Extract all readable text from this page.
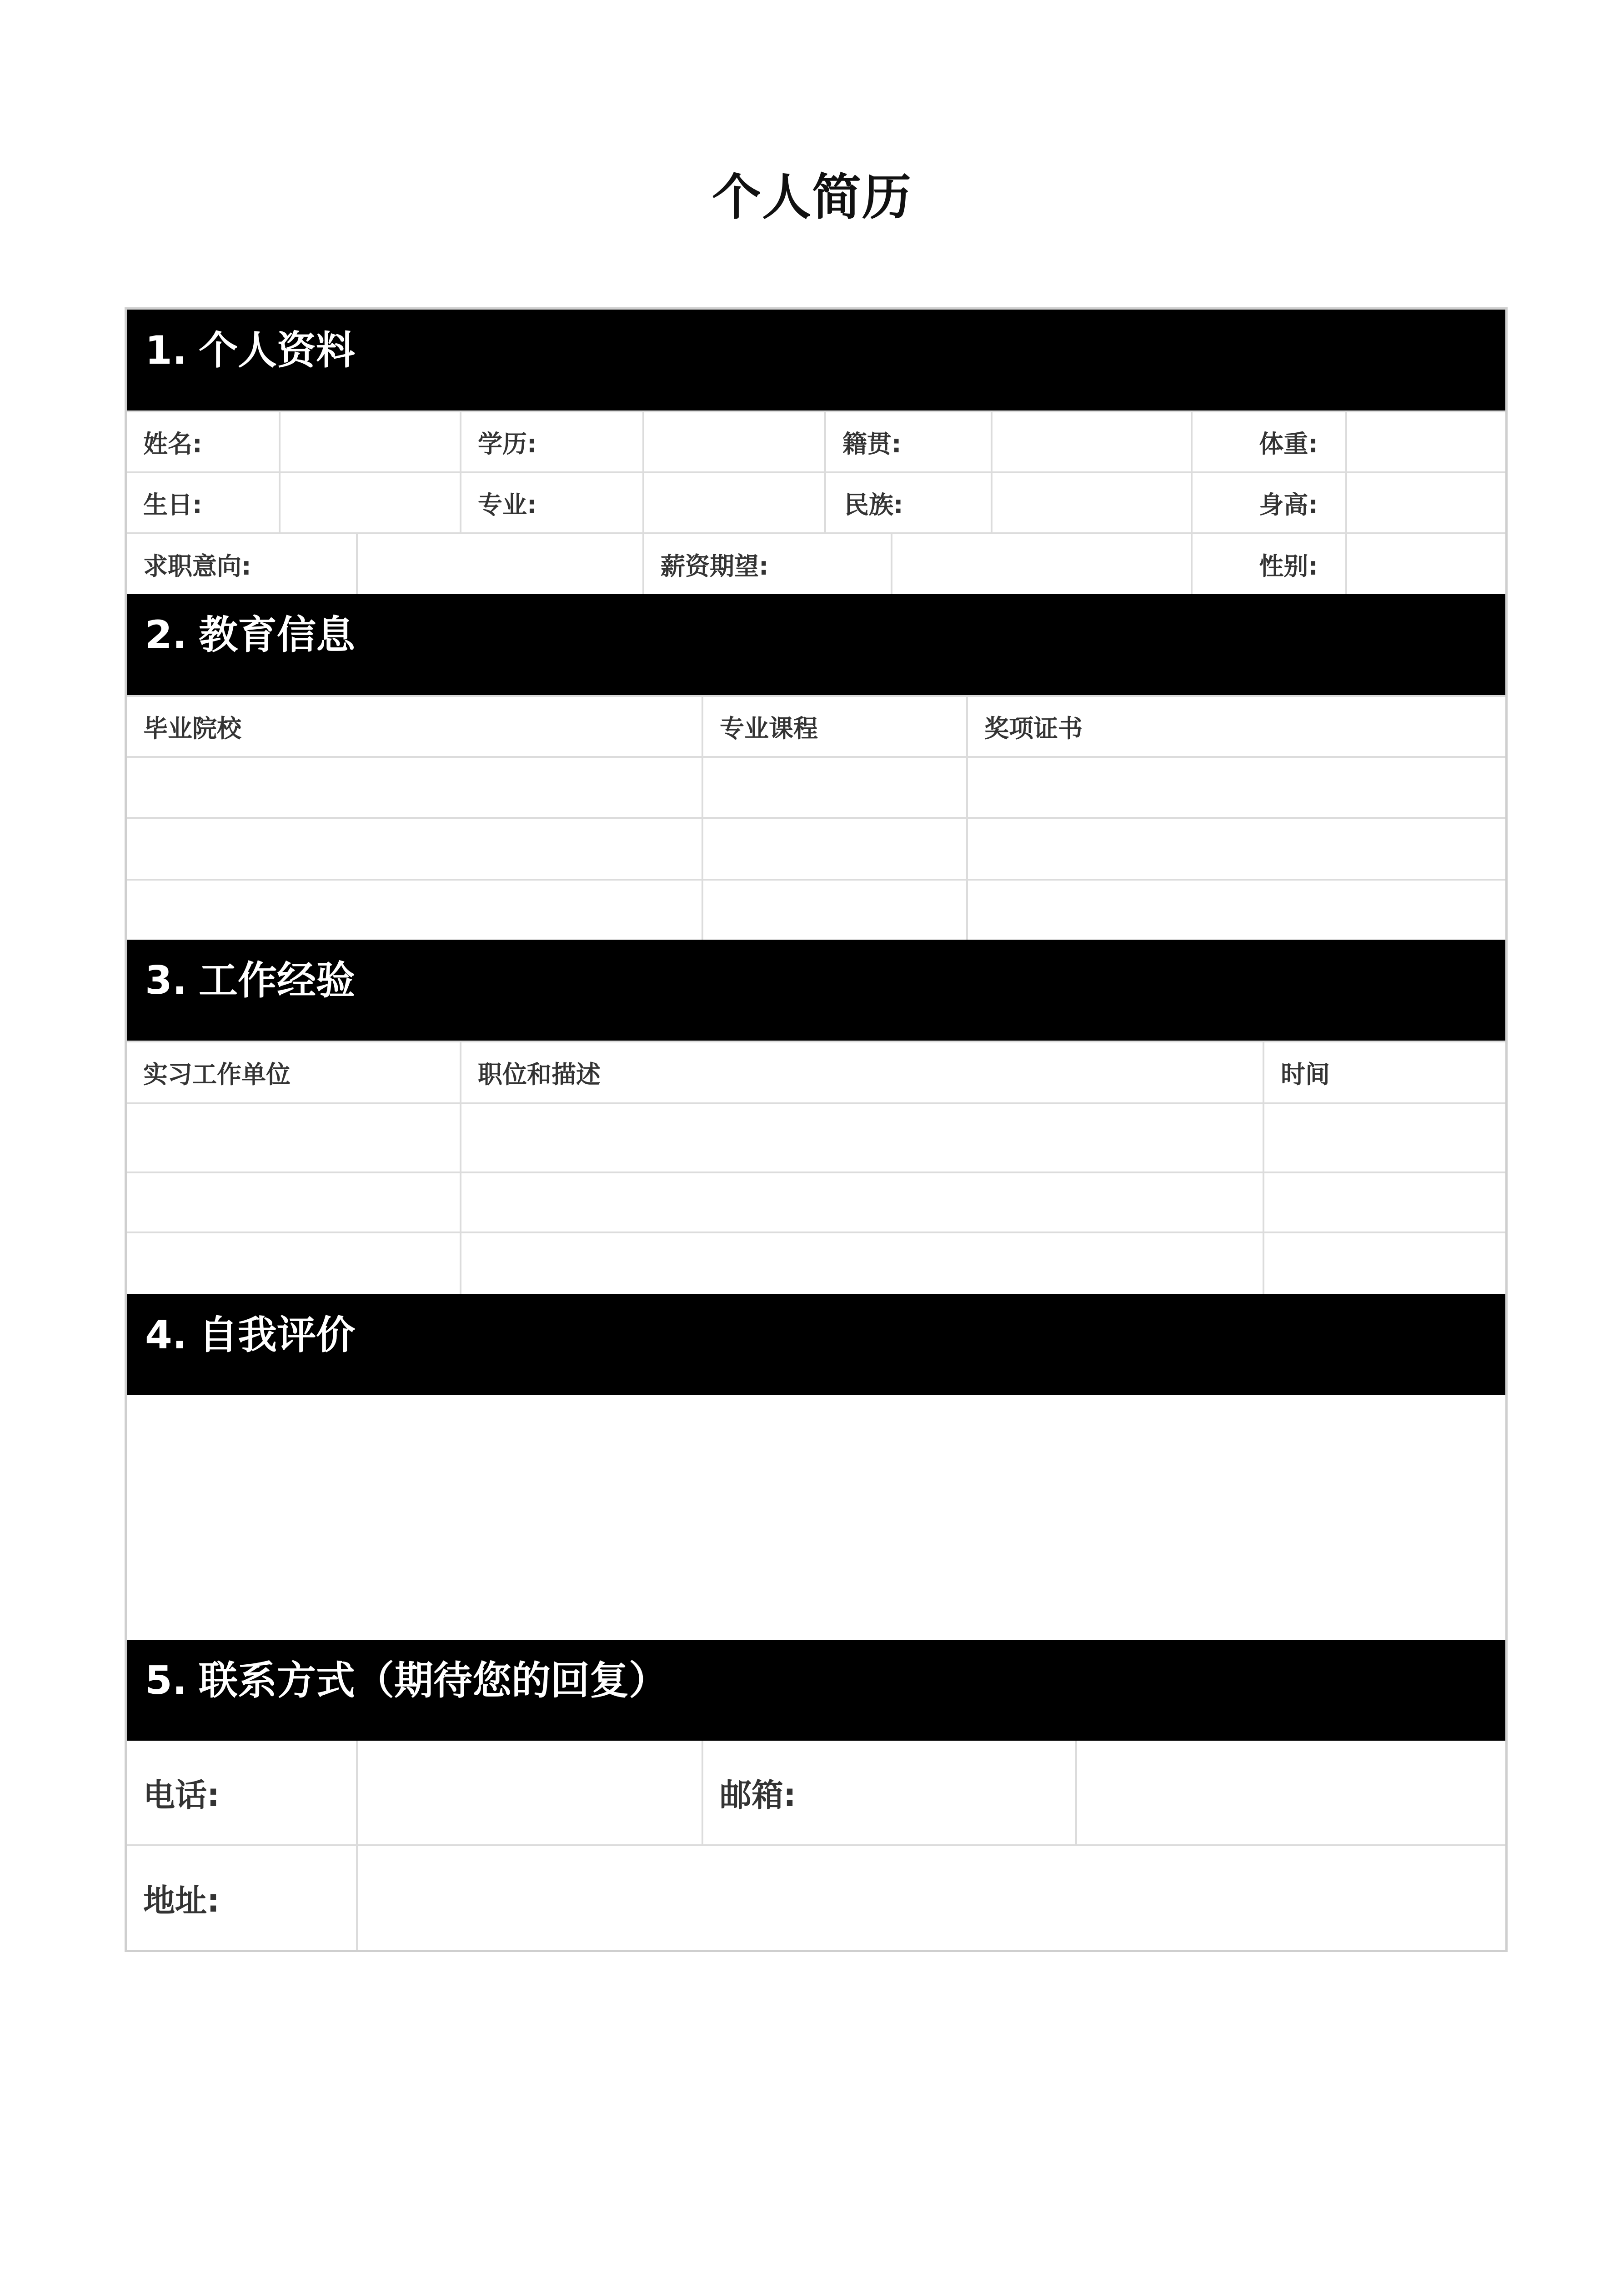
个人简历
1. 个人资料
姓名:	学历:	籍贯:	体重:
生日:	专业:	民族:	身高:
求职意向:	薪资期望:	性别:
2. 教育信息
毕业院校	专业课程	奖项证书
3. 工作经验
实习工作单位	职位和描述	时间
4. 自我评价
5. 联系方式（期待您的回复）
电话:	邮箱:
地址:
